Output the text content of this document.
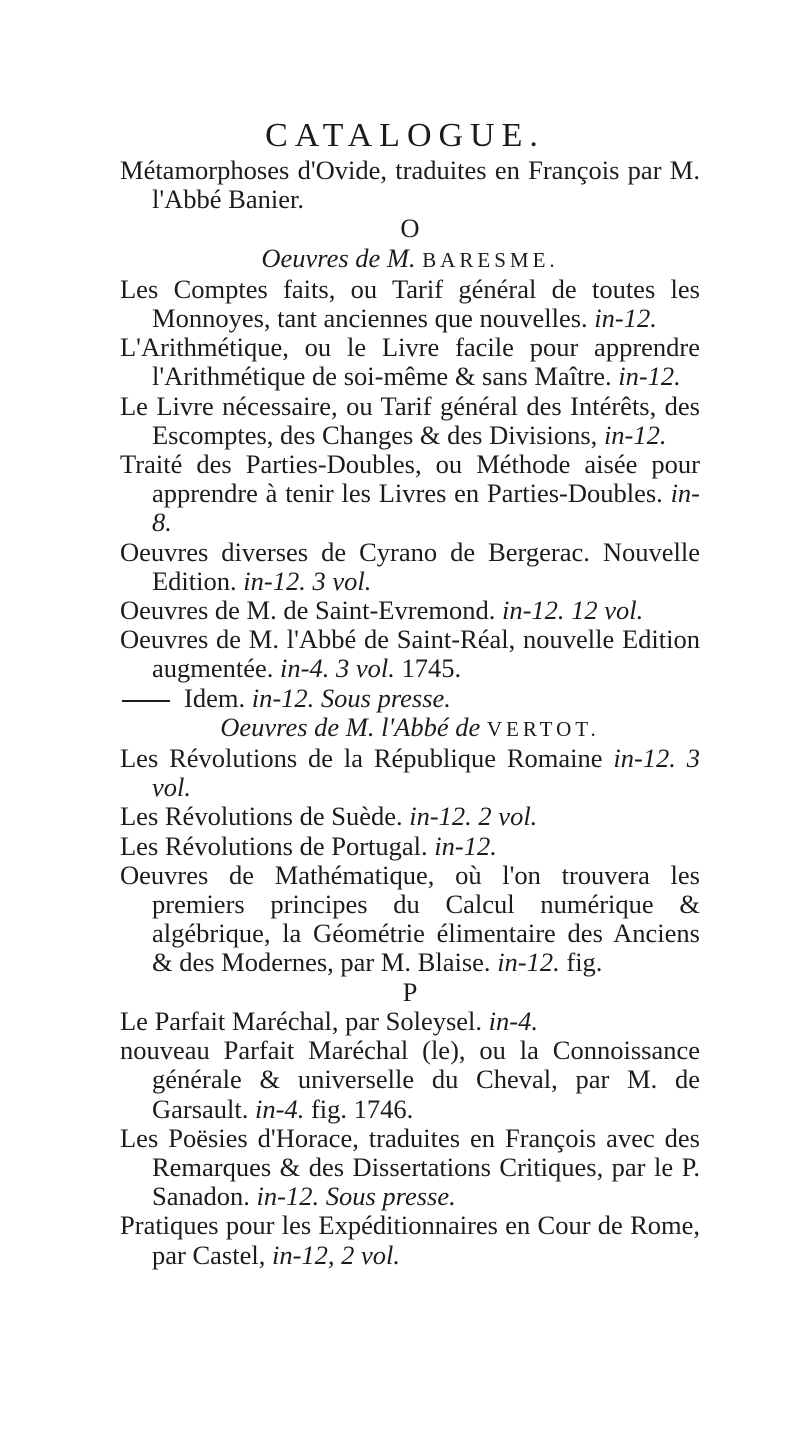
CATALOGUE.

Métamorphoses d'Ovide, traduites en François par M. l'Abbé Banier.

O

Oeuvres de M. BARESME.

Les Comptes faits, ou Tarif général de toutes les Monnoyes, tant anciennes que nouvelles. in-12.

L'Arithmétique, ou le Livre facile pour apprendre l'Arithmétique de soi-même & sans Maître. in-12.

Le Livre nécessaire, ou Tarif général des Intérêts, des Escomptes, des Changes & des Divisions, in-12.

Traité des Parties-Doubles, ou Méthode aisée pour apprendre à tenir les Livres en Parties-Doubles. in-8.

Oeuvres diverses de Cyrano de Bergerac. Nouvelle Edition. in-12. 3 vol.

Oeuvres de M. de Saint-Evremond. in-12. 12 vol.

Oeuvres de M. l'Abbé de Saint-Réal, nouvelle Edition augmentée. in-4. 3 vol. 1745.

Idem. in-12. Sous presse.

Oeuvres de M. l'Abbé de VERTOT.

Les Révolutions de la République Romaine in-12. 3 vol.

Les Révolutions de Suède. in-12. 2 vol.

Les Révolutions de Portugal. in-12.

Oeuvres de Mathématique, où l'on trouvera les premiers principes du Calcul numérique & algébrique, la Géométrie élimentaire des Anciens & des Modernes, par M. Blaise. in-12. fig.

P

Le Parfait Maréchal, par Soleysel. in-4.

nouveau Parfait Maréchal (le), ou la Connoissance générale & universelle du Cheval, par M. de Garsault. in-4. fig. 1746.

Les Poësies d'Horace, traduites en François avec des Remarques & des Dissertations Critiques, par le P. Sanadon. in-12. Sous presse.

Pratiques pour les Expéditionnaires en Cour de Rome, par Castel, in-12, 2 vol.
